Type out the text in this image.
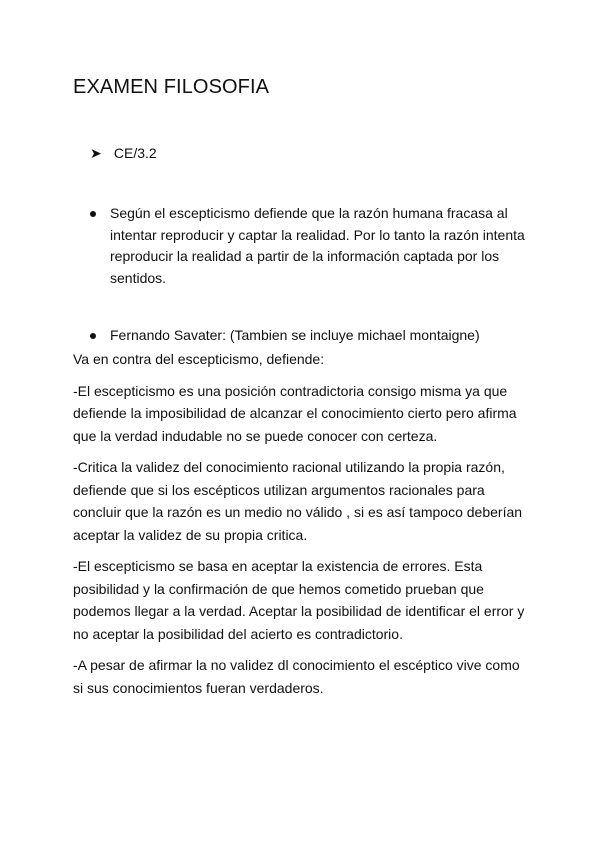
EXAMEN FILOSOFIA
➤ CE/3.2
Según el escepticismo defiende que la razón humana fracasa al intentar reproducir y captar la realidad. Por lo tanto la razón intenta reproducir la realidad a partir de la información captada por los sentidos.
Fernando Savater: (Tambien se incluye michael montaigne)

Va en contra del escepticismo, defiende:

-El escepticismo es una posición contradictoria consigo misma ya que defiende la imposibilidad de alcanzar el conocimiento cierto pero afirma que la verdad indudable no se puede conocer con certeza.

-Critica la validez del conocimiento racional utilizando la propia razón, defiende que si los escépticos utilizan argumentos racionales para concluir que la razón es un medio no válido , si es así tampoco deberían aceptar la validez de su propia critica.

-El escepticismo se basa en aceptar la existencia de errores. Esta posibilidad y la confirmación de que hemos cometido prueban que podemos llegar a la verdad. Aceptar la posibilidad de identificar el error y no aceptar la posibilidad del acierto es contradictorio.

-A pesar de afirmar la no validez dl conocimiento el escéptico vive como si sus conocimientos fueran verdaderos.
